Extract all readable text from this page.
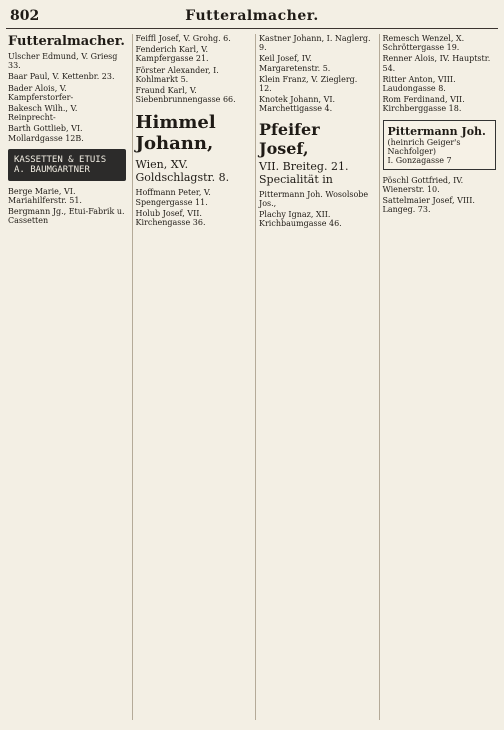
802	Futteralmacher.
Futteralmacher.
Ulscher Edmund, V. Griesg 33.
Baar Paul, V. Kettenbr. 23.
Bader Alois, V. Kampferstorfer-
Bakesch Wilh., V. Reinprecht-
Barth Gottlieb, VI. Mollardgasse 12B.
KASSETTEN & ETUIS
A. BAUMGARTNER
Berge Marie, VI. Mariahilferstr. 51.
Bergmann Jg., Etui-Fabrik u. Cassetten
Feiffl Josef, V. Grohg. 6.
Fenderich Karl, V. Kampfergasse 21.
Förster Alexander, I. Kohlmarkt 5.
Fraund Karl, V. Siebenbrunnengasse 66.
Himmel Johann,
Wien, XV. Goldschlagstr. 8.
Hoffmann Peter, V. Spengergasse 11.
Holub Josef, VII. Kirchengasse 36.
Kastner Johann, I. Naglerg. 9.
Keil Josef, IV. Margaretenstr. 5.
Klein Franz, V. Zieglerg. 12.
Knotek Johann, VI. Marchettigasse 4.
Pfeifer Josef,
VII. Breiteg. 21. Specialität in
Pittermann Joh. Wosolsobe Jos.,
Plachy Ignaz, XII. Krichbaumgasse 46.
Remesch Wenzel, X. Schröttergasse 19.
Renner Alois, IV. Hauptstr. 54.
Ritter Anton, VIII. Laudongasse 8.
Rom Ferdinand, VII. Kirchberggasse 18.
Pittermann Joh.
(heinrich Geiger's Nachfolger)
I. Gonzagasse 7
Pöschl Gottfried, IV. Wienerstr. 10.
Sattelmaier Josef, VIII. Langeg. 73.
